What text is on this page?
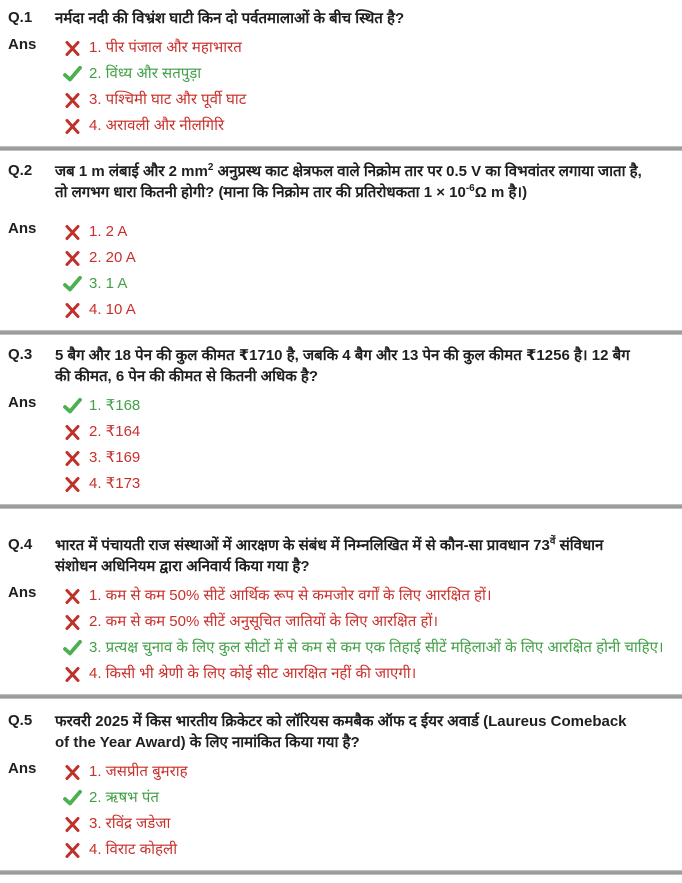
Q.1	नर्मदा नदी की विभ्रंश घाटी किन दो पर्वतमालाओं के बीच स्थित है?
Ans	1. पीर पंजाल और महाभारत
2. विंध्य और सतपुड़ा
3. पश्चिमी घाट और पूर्वी घाट
4. अरावली और नीलगिरि
Q.2	जब 1 m लंबाई और 2 $mm^2$ अनुप्रस्थ काट क्षेत्रफल वाले निक्रोम तार पर 0.5 V का विभवांतर लगाया जाता है, तो लगभग धारा कितनी होगी? (माना कि निक्रोम तार की प्रतिरोधकता $1 \times 10^{-6}\Omega$ m है।)
Ans	1. 2 A
2. 20 A
3. 1 A
4. 10 A
Q.3	5 बैग और 18 पेन की कुल कीमत ₹1710 है, जबकि 4 बैग और 13 पेन की कुल कीमत ₹1256 है। 12 बैग की कीमत, 6 पेन की कीमत से कितनी अधिक है?
Ans	1. ₹168
2. ₹164
3. ₹169
4. ₹173
Q.4	भारत में पंचायती राज संस्थाओं में आरक्षण के संबंध में निम्नलिखित में से कौन-सा प्रावधान $73^{वें}$ संविधान संशोधन अधिनियम द्वारा अनिवार्य किया गया है?
Ans	1. कम से कम 50% सीटें आर्थिक रूप से कमजोर वर्गों के लिए आरक्षित हों।
2. कम से कम 50% सीटें अनुसूचित जातियों के लिए आरक्षित हों।
3. प्रत्यक्ष चुनाव के लिए कुल सीटों में से कम से कम एक तिहाई सीटें महिलाओं के लिए आरक्षित होनी चाहिए।
4. किसी भी श्रेणी के लिए कोई सीट आरक्षित नहीं की जाएगी।
Q.5	फरवरी 2025 में किस भारतीय क्रिकेटर को लॉरियस कमबैक ऑफ द ईयर अवार्ड (Laureus Comeback of the Year Award) के लिए नामांकित किया गया है?
Ans	1. जसप्रीत बुमराह
2. ऋषभ पंत
3. रविंद्र जडेजा
4. विराट कोहली
